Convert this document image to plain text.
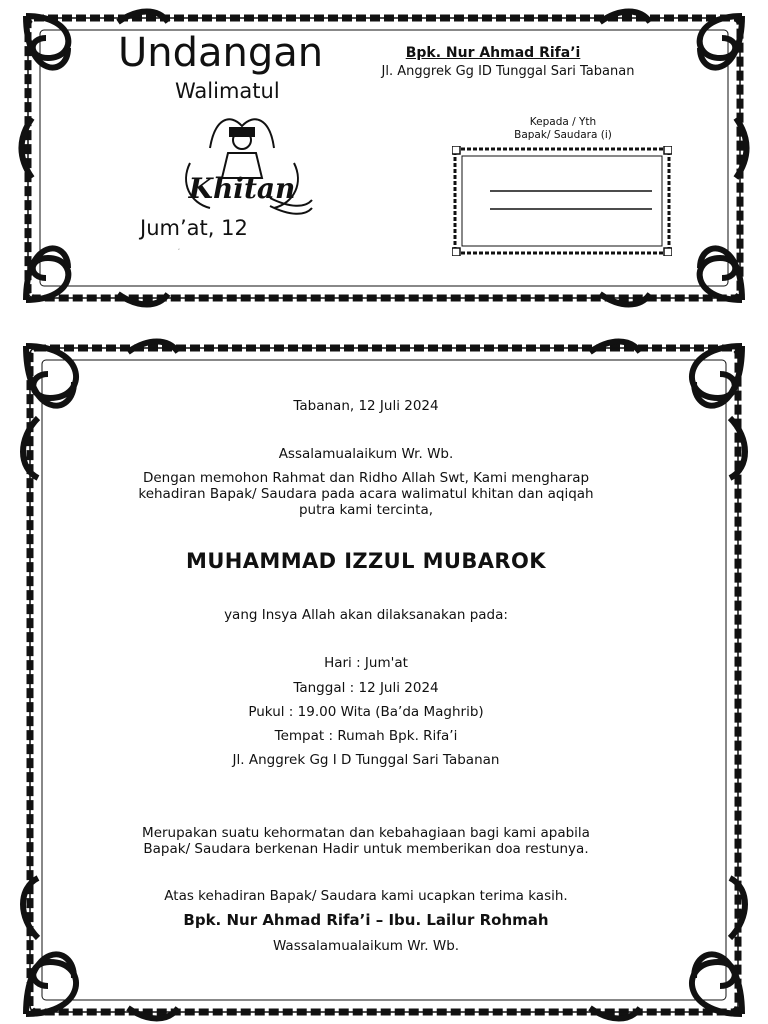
Undangan
Walimatul
Khitan
Jum’at, 12
ʼ
Bpk. Nur Ahmad Rifa’i
Jl. Anggrek Gg ID Tunggal Sari Tabanan
Kepada / Yth
Bapak/ Saudara (i)
Tabanan, 12 Juli 2024
Assalamualaikum Wr. Wb.
Dengan memohon Rahmat dan Ridho Allah Swt, Kami mengharap
kehadiran Bapak/ Saudara pada acara walimatul khitan dan aqiqah
putra kami tercinta,
MUHAMMAD IZZUL MUBAROK
yang Insya Allah akan dilaksanakan pada:
Hari : Jum'at
Tanggal : 12 Juli 2024
Pukul : 19.00 Wita (Ba’da Maghrib)
Tempat : Rumah Bpk. Rifa’i
Jl. Anggrek Gg I D Tunggal Sari Tabanan
Merupakan suatu kehormatan dan kebahagiaan bagi kami apabila
Bapak/ Saudara berkenan Hadir untuk memberikan doa restunya.
Atas kehadiran Bapak/ Saudara kami ucapkan terima kasih.
Bpk. Nur Ahmad Rifa’i – Ibu. Lailur Rohmah
Wassalamualaikum Wr. Wb.
